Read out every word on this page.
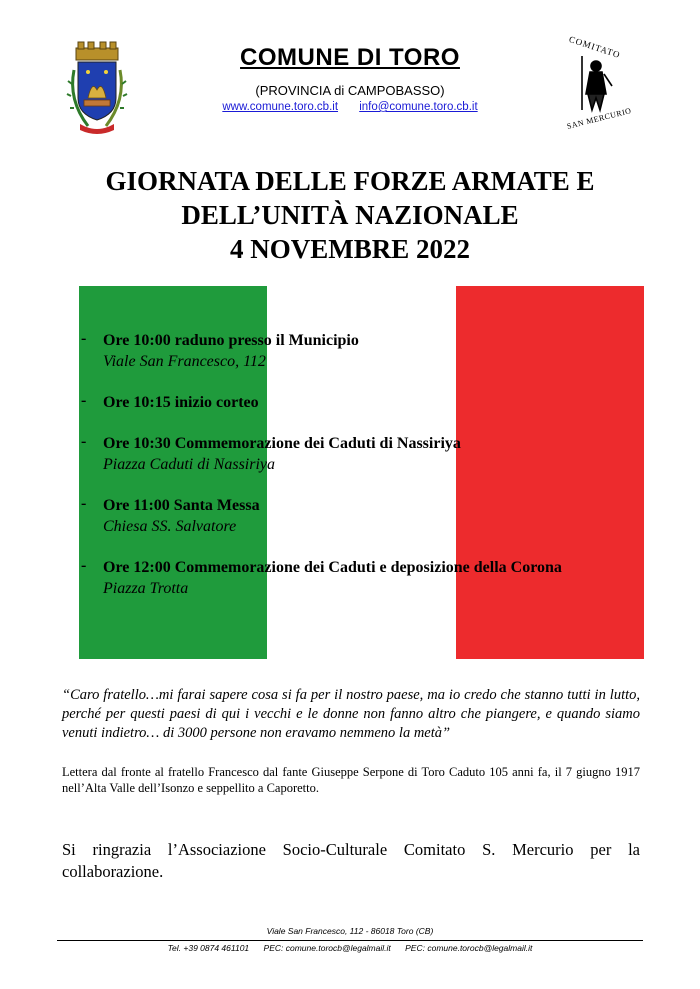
COMITATO
SAN MERCURIO
COMUNE DI TORO
(PROVINCIA di CAMPOBASSO)
www.comune.toro.cb.it info@comune.toro.cb.it
GIORNATA DELLE FORZE ARMATE E
DELL’UNITÀ NAZIONALE
4 NOVEMBRE 2022
- Ore 10:00 raduno presso il Municipio
Viale San Francesco, 112
- Ore 10:15 inizio corteo
- Ore 10:30 Commemorazione dei Caduti di Nassiriya
Piazza Caduti di Nassiriya
- Ore 11:00 Santa Messa
Chiesa SS. Salvatore
- Ore 12:00 Commemorazione dei Caduti e deposizione della Corona
Piazza Trotta
“Caro fratello…mi farai sapere cosa si fa per il nostro paese, ma io credo che stanno tutti in lutto, perché per questi paesi di qui i vecchi e le donne non fanno altro che piangere, e quando siamo venuti indietro… di 3000 persone non eravamo nemmeno la metà”
Lettera dal fronte al fratello Francesco dal fante Giuseppe Serpone di Toro Caduto 105 anni fa, il 7 giugno 1917 nell’Alta Valle dell’Isonzo e seppellito a Caporetto.
Si ringrazia l’Associazione Socio-Culturale Comitato S. Mercurio per la collaborazione.
Viale San Francesco, 112 - 86018 Toro (CB)
Tel. +39 0874 461101 PEC: comune.torocb@legalmail.it PEC: comune.torocb@legalmail.it
